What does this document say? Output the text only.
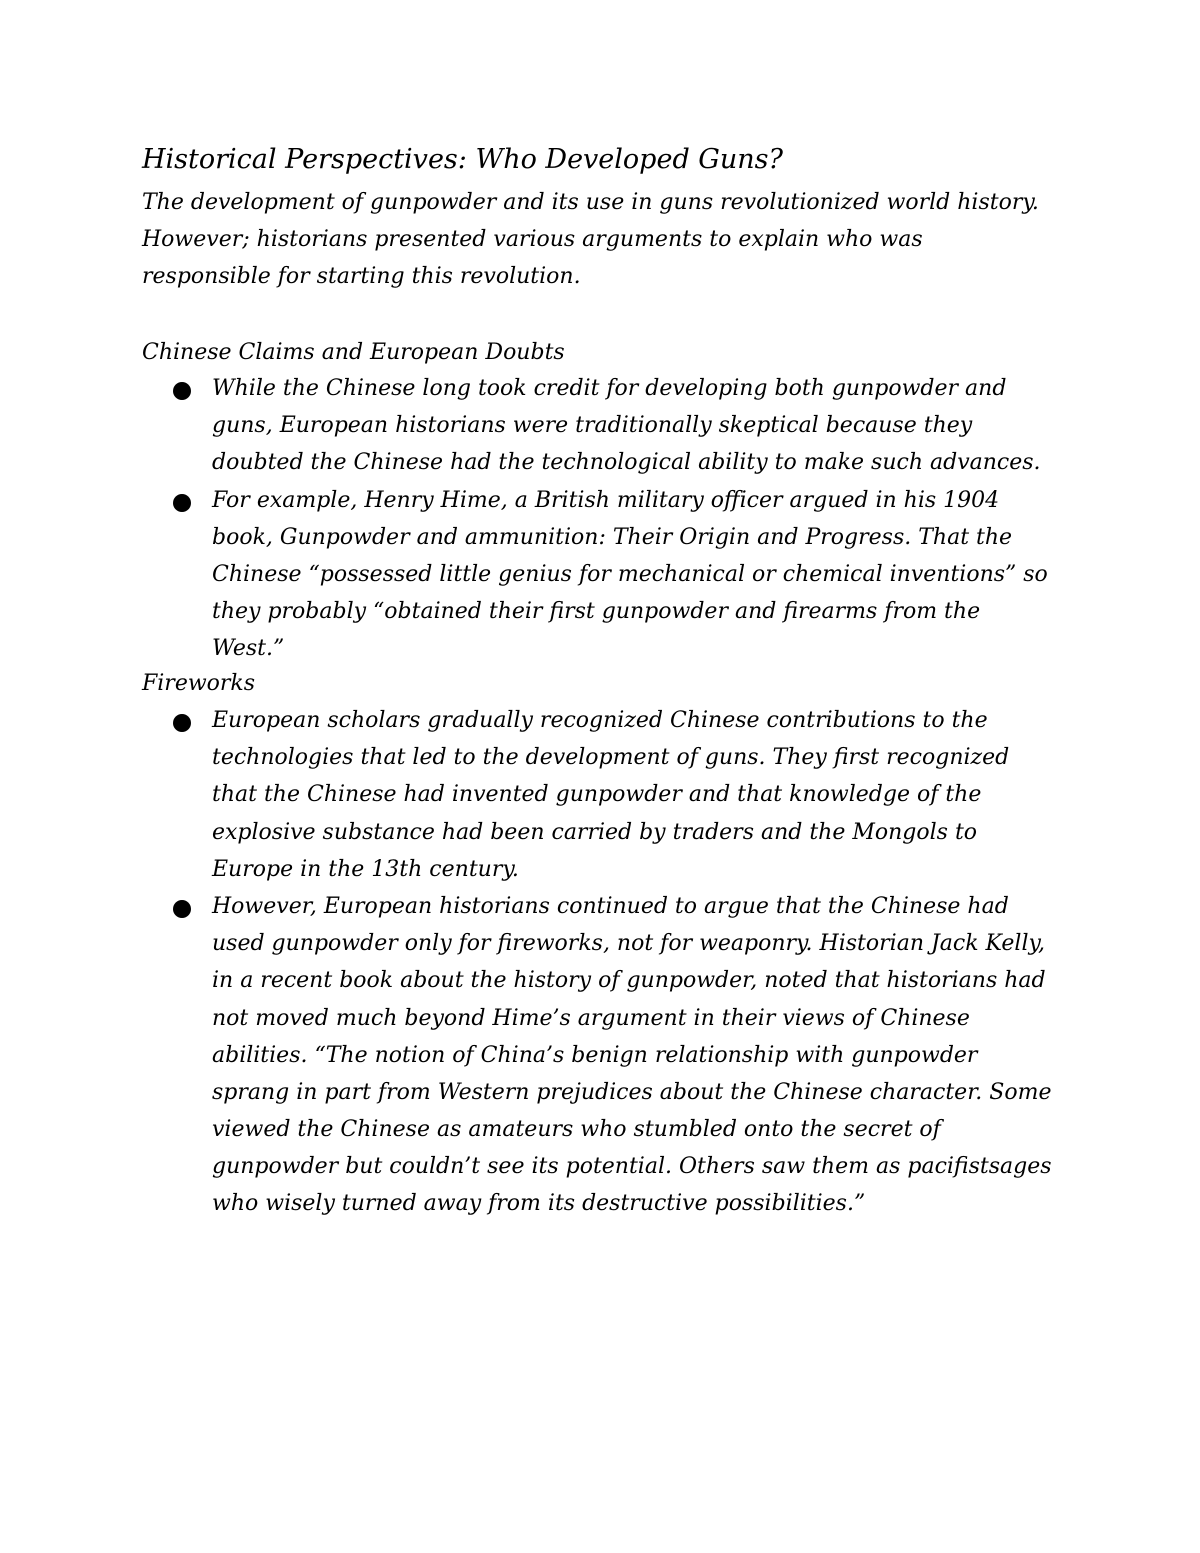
Historical Perspectives: Who Developed Guns?
The development of gunpowder and its use in guns revolutionized world history.
However; historians presented various arguments to explain who was
responsible for starting this revolution.
Chinese Claims and European Doubts
While the Chinese long took credit for developing both gunpowder and
guns, European historians were traditionally skeptical because they
doubted the Chinese had the technological ability to make such advances.
For example, Henry Hime, a British military officer argued in his 1904
book, Gunpowder and ammunition: Their Origin and Progress. That the
Chinese “possessed little genius for mechanical or chemical inventions” so
they probably “obtained their first gunpowder and firearms from the
West.”
Fireworks
European scholars gradually recognized Chinese contributions to the
technologies that led to the development of guns. They first recognized
that the Chinese had invented gunpowder and that knowledge of the
explosive substance had been carried by traders and the Mongols to
Europe in the 13th century.
However, European historians continued to argue that the Chinese had
used gunpowder only for fireworks, not for weaponry. Historian Jack Kelly,
in a recent book about the history of gunpowder, noted that historians had
not moved much beyond Hime’s argument in their views of Chinese
abilities. “The notion of China’s benign relationship with gunpowder
sprang in part from Western prejudices about the Chinese character. Some
viewed the Chinese as amateurs who stumbled onto the secret of
gunpowder but couldn’t see its potential. Others saw them as pacifistsages
who wisely turned away from its destructive possibilities.”
